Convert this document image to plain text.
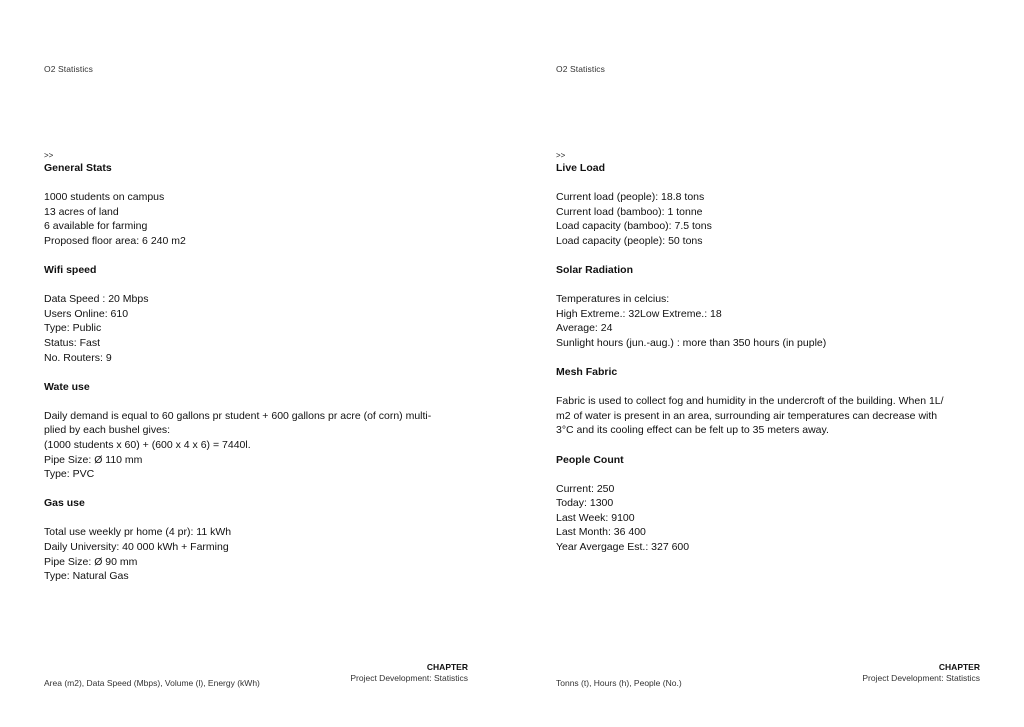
O2 Statistics
>>

General Stats

1000 students on campus

13 acres of land

6 available for farming

Proposed floor area: 6 240 m2

Wifi speed

Data Speed : 20 Mbps

Users Online: 610

Type: Public

Status: Fast

No. Routers: 9

Wate use

Daily demand is equal to 60 gallons pr student + 600 gallons pr acre (of corn) multi-

plied by each bushel gives:

(1000 students x 60) + (600 x 4 x 6) = 7440l.

Pipe Size: Ø 110 mm

Type: PVC

Gas use

Total use weekly pr home (4 pr): 11 kWh

Daily University: 40 000 kWh + Farming

Pipe Size: Ø 90 mm

Type: Natural Gas

Area (m2), Data Speed (Mbps), Volume (l), Energy (kWh)
CHAPTER
Project Development: Statistics
O2 Statistics
>>

Live Load

Current load (people): 18.8 tons

Current load (bamboo): 1 tonne

Load capacity (bamboo): 7.5 tons

Load capacity (people): 50 tons

Solar Radiation

Temperatures in celcius:

High Extreme.: 32Low Extreme.: 18

Average: 24

Sunlight hours (jun.-aug.) : more than 350 hours (in puple)

Mesh Fabric

Fabric is used to collect fog and humidity in the undercroft of the building. When 1L/

m2 of water is present in an area, surrounding air temperatures can decrease with

3°C and its cooling effect can be felt up to 35 meters away.

People Count

Current: 250

Today: 1300

Last Week: 9100

Last Month: 36 400

Year Avergage Est.: 327 600

Tonns (t), Hours (h), People (No.)
CHAPTER
Project Development: Statistics
